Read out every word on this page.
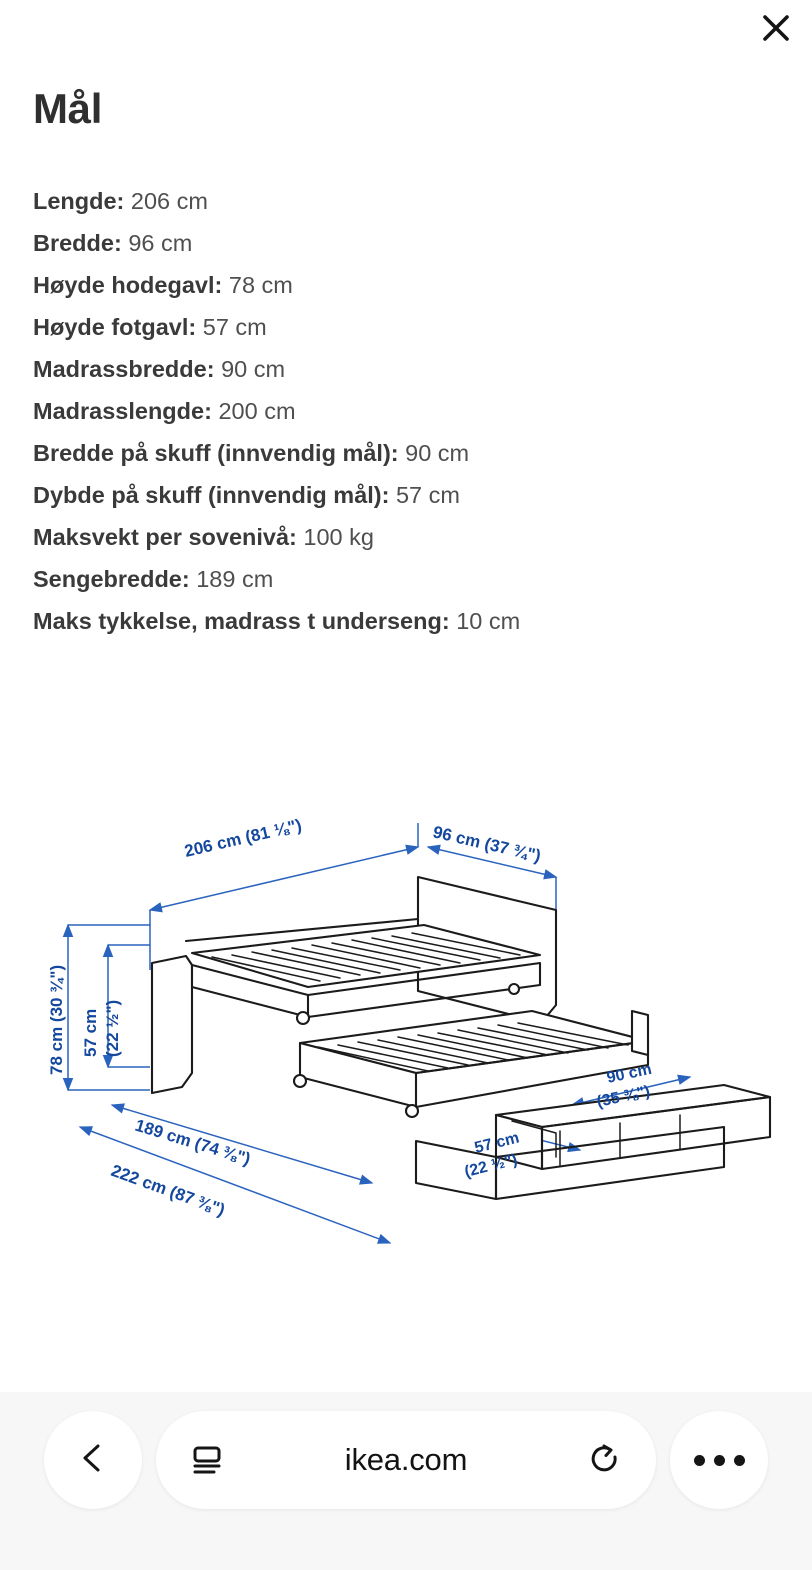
Mål
Lengde: 206 cm
Bredde: 96 cm
Høyde hodegavl: 78 cm
Høyde fotgavl: 57 cm
Madrassbredde: 90 cm
Madrasslengde: 200 cm
Bredde på skuff (innvendig mål): 90 cm
Dybde på skuff (innvendig mål): 57 cm
Maksvekt per sovenivå: 100 kg
Sengebredde: 189 cm
Maks tykkelse, madrass t underseng: 10 cm
206 cm (81 ⅛")	96 cm (37 ¾")
78 cm (30 ¾") 57 cm (22 ½")
189 cm (74 ⅜")
222 cm (87 ⅜")
90 cm
(35 ⅜")
57 cm
(22 ½")
ikea.com
